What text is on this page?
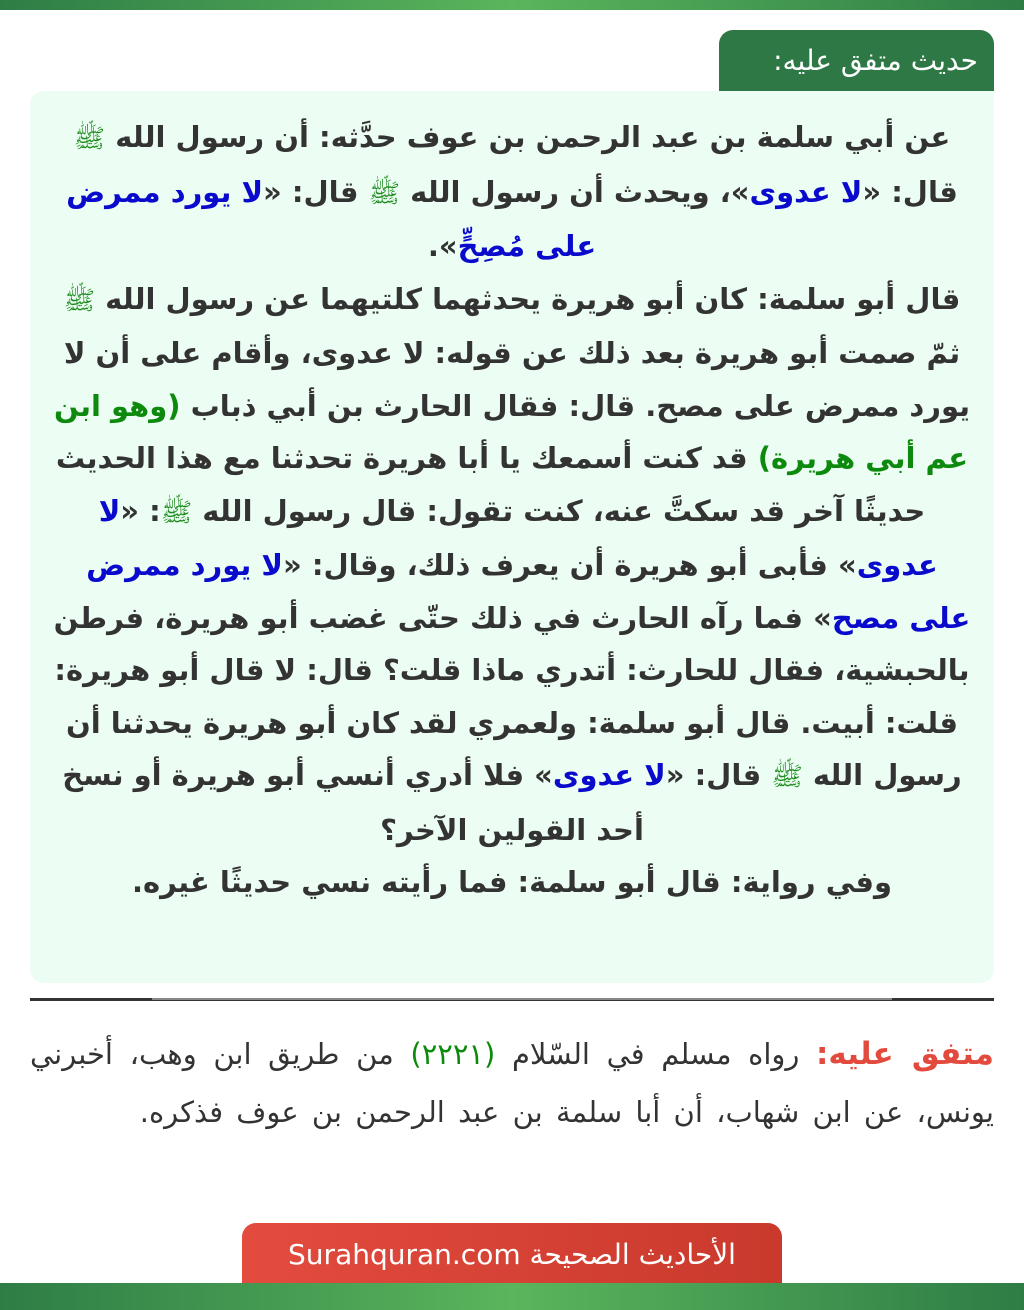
حديث متفق عليه:

عن أبي سلمة بن عبد الرحمن بن عوف حدَّثه: أن رسول الله ﷺ قال: «لا عدوى»، ويحدث أن رسول الله ﷺ قال: «لا يورد ممرض على مُصِحٍّ».

قال أبو سلمة: كان أبو هريرة يحدثهما كلتيهما عن رسول الله ﷺ ثمّ صمت أبو هريرة بعد ذلك عن قوله: لا عدوى، وأقام على أن لا يورد ممرض على مصح. قال: فقال الحارث بن أبي ذباب (وهو ابن عم أبي هريرة) قد كنت أسمعك يا أبا هريرة تحدثنا مع هذا الحديث حديثًا آخر قد سكتَّ عنه، كنت تقول: قال رسول الله ﷺ: «لا عدوى» فأبى أبو هريرة أن يعرف ذلك، وقال: «لا يورد ممرض على مصح» فما رآه الحارث في ذلك حتّى غضب أبو هريرة، فرطن بالحبشية، فقال للحارث: أتدري ماذا قلت؟ قال: لا قال أبو هريرة: قلت: أبيت. قال أبو سلمة: ولعمري لقد كان أبو هريرة يحدثنا أن رسول الله ﷺ قال: «لا عدوى» فلا أدري أنسي أبو هريرة أو نسخ أحد القولين الآخر؟

وفي رواية: قال أبو سلمة: فما رأيته نسي حديثًا غيره.

متفق عليه: رواه مسلم في السّلام (٢٢٢١) من طريق ابن وهب، أخبرني يونس، عن ابن شهاب، أن أبا سلمة بن عبد الرحمن بن عوف فذكره.
الأحاديث الصحيحة Surahquran.com
